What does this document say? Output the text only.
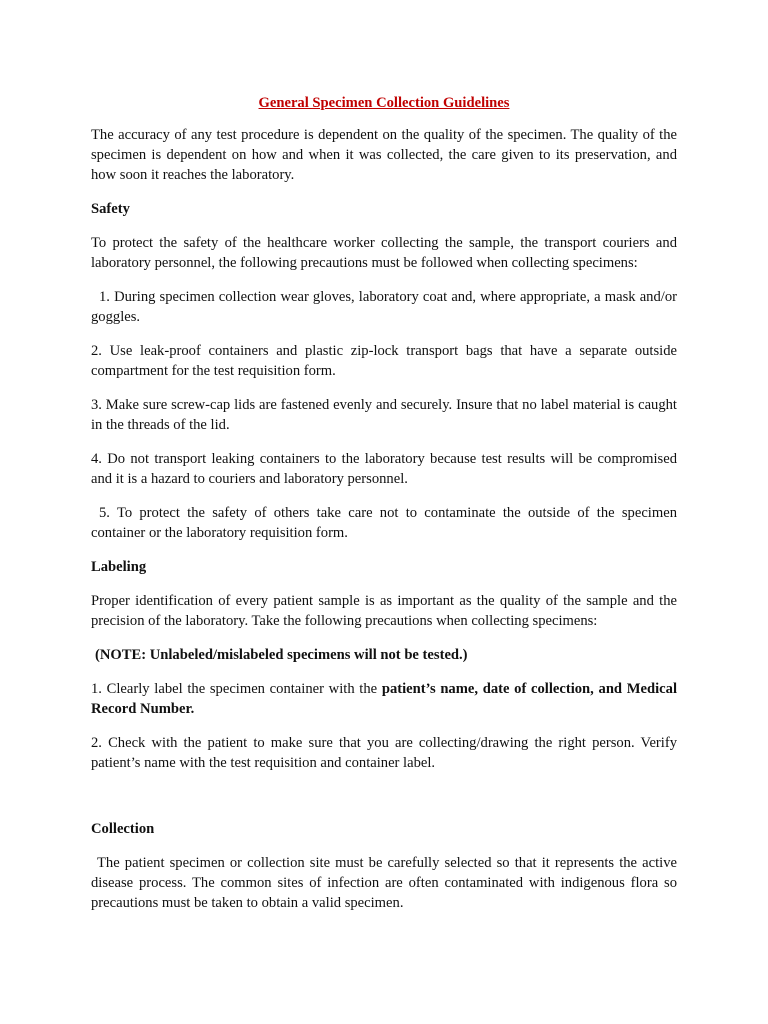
General Specimen Collection Guidelines

The accuracy of any test procedure is dependent on the quality of the specimen. The quality of the specimen is dependent on how and when it was collected, the care given to its preservation, and how soon it reaches the laboratory.

Safety

To protect the safety of the healthcare worker collecting the sample, the transport couriers and laboratory personnel, the following precautions must be followed when collecting specimens:

1. During specimen collection wear gloves, laboratory coat and, where appropriate, a mask and/or goggles.

2. Use leak-proof containers and plastic zip-lock transport bags that have a separate outside compartment for the test requisition form.

3. Make sure screw-cap lids are fastened evenly and securely. Insure that no label material is caught in the threads of the lid.

4. Do not transport leaking containers to the laboratory because test results will be compromised and it is a hazard to couriers and laboratory personnel.

5. To protect the safety of others take care not to contaminate the outside of the specimen container or the laboratory requisition form.

Labeling

Proper identification of every patient sample is as important as the quality of the sample and the precision of the laboratory. Take the following precautions when collecting specimens:

(NOTE: Unlabeled/mislabeled specimens will not be tested.)

1. Clearly label the specimen container with the patient’s name, date of collection, and Medical Record Number.

2. Check with the patient to make sure that you are collecting/drawing the right person. Verify patient’s name with the test requisition and container label.

Collection

The patient specimen or collection site must be carefully selected so that it represents the active disease process. The common sites of infection are often contaminated with indigenous flora so precautions must be taken to obtain a valid specimen.
